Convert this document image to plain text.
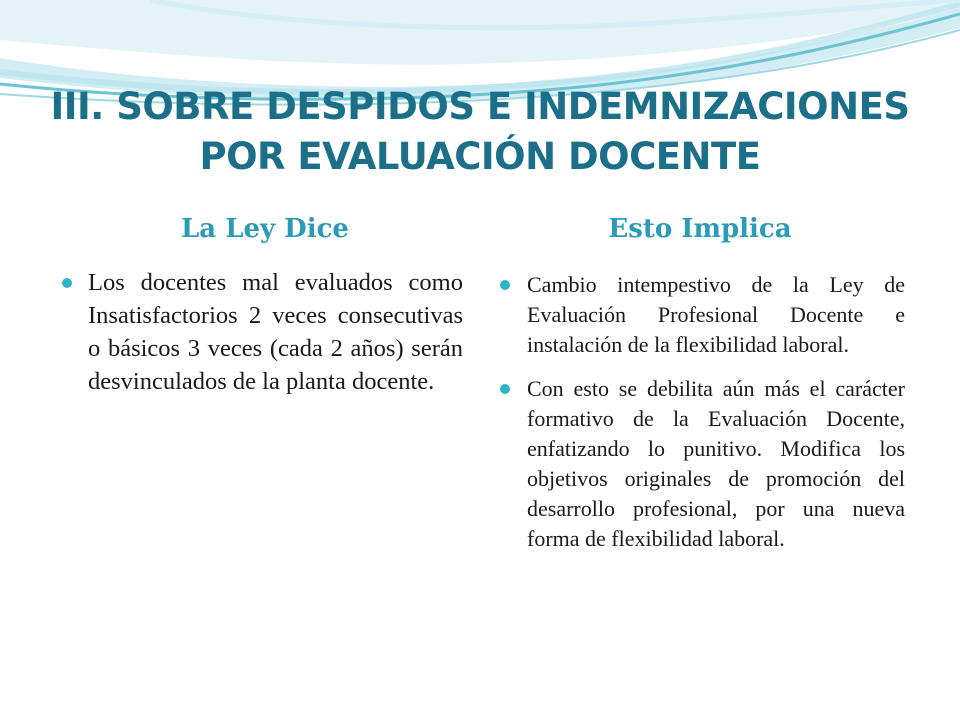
III. SOBRE DESPIDOS E INDEMNIZACIONES POR EVALUACIÓN DOCENTE
La Ley Dice	Esto Implica
Los docentes mal evaluados como Insatisfactorios 2 veces consecutivas o básicos 3 veces (cada 2 años) serán desvinculados de la planta docente.
Cambio intempestivo de la Ley de Evaluación Profesional Docente e instalación de la flexibilidad laboral.
Con esto se debilita aún más el carácter formativo de la Evaluación Docente, enfatizando lo punitivo. Modifica los objetivos originales de promoción del desarrollo profesional, por una nueva forma de flexibilidad laboral.
